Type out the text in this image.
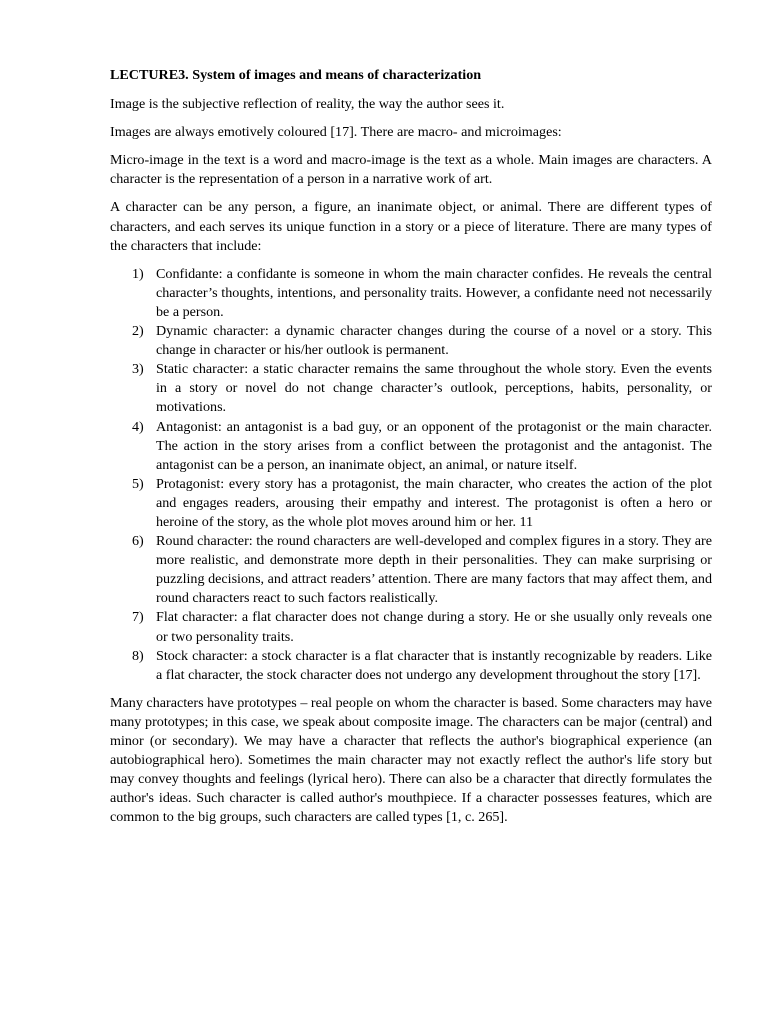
LECTURE3. System of images and means of characterization

Image is the subjective reflection of reality, the way the author sees it.

Images are always emotively coloured [17]. There are macro- and microimages:

Micro-image in the text is a word and macro-image is the text as a whole. Main images are characters. A character is the representation of a person in a narrative work of art.

A character can be any person, a figure, an inanimate object, or animal. There are different types of characters, and each serves its unique function in a story or a piece of literature. There are many types of the characters that include:

1) Confidante: a confidante is someone in whom the main character confides. He reveals the central character’s thoughts, intentions, and personality traits. However, a confidante need not necessarily be a person.
2) Dynamic character: a dynamic character changes during the course of a novel or a story. This change in character or his/her outlook is permanent.
3) Static character: a static character remains the same throughout the whole story. Even the events in a story or novel do not change character’s outlook, perceptions, habits, personality, or motivations.
4) Antagonist: an antagonist is a bad guy, or an opponent of the protagonist or the main character. The action in the story arises from a conflict between the protagonist and the antagonist. The antagonist can be a person, an inanimate object, an animal, or nature itself.
5) Protagonist: every story has a protagonist, the main character, who creates the action of the plot and engages readers, arousing their empathy and interest. The protagonist is often a hero or heroine of the story, as the whole plot moves around him or her. 11
6) Round character: the round characters are well-developed and complex figures in a story. They are more realistic, and demonstrate more depth in their personalities. They can make surprising or puzzling decisions, and attract readers’ attention. There are many factors that may affect them, and round characters react to such factors realistically.
7) Flat character: a flat character does not change during a story. He or she usually only reveals one or two personality traits.
8) Stock character: a stock character is a flat character that is instantly recognizable by readers. Like a flat character, the stock character does not undergo any development throughout the story [17].

Many characters have prototypes – real people on whom the character is based. Some characters may have many prototypes; in this case, we speak about composite image. The characters can be major (central) and minor (or secondary). We may have a character that reflects the author's biographical experience (an autobiographical hero). Sometimes the main character may not exactly reflect the author's life story but may convey thoughts and feelings (lyrical hero). There can also be a character that directly formulates the author's ideas. Such character is called author's mouthpiece. If a character possesses features, which are common to the big groups, such characters are called types [1, c. 265].
